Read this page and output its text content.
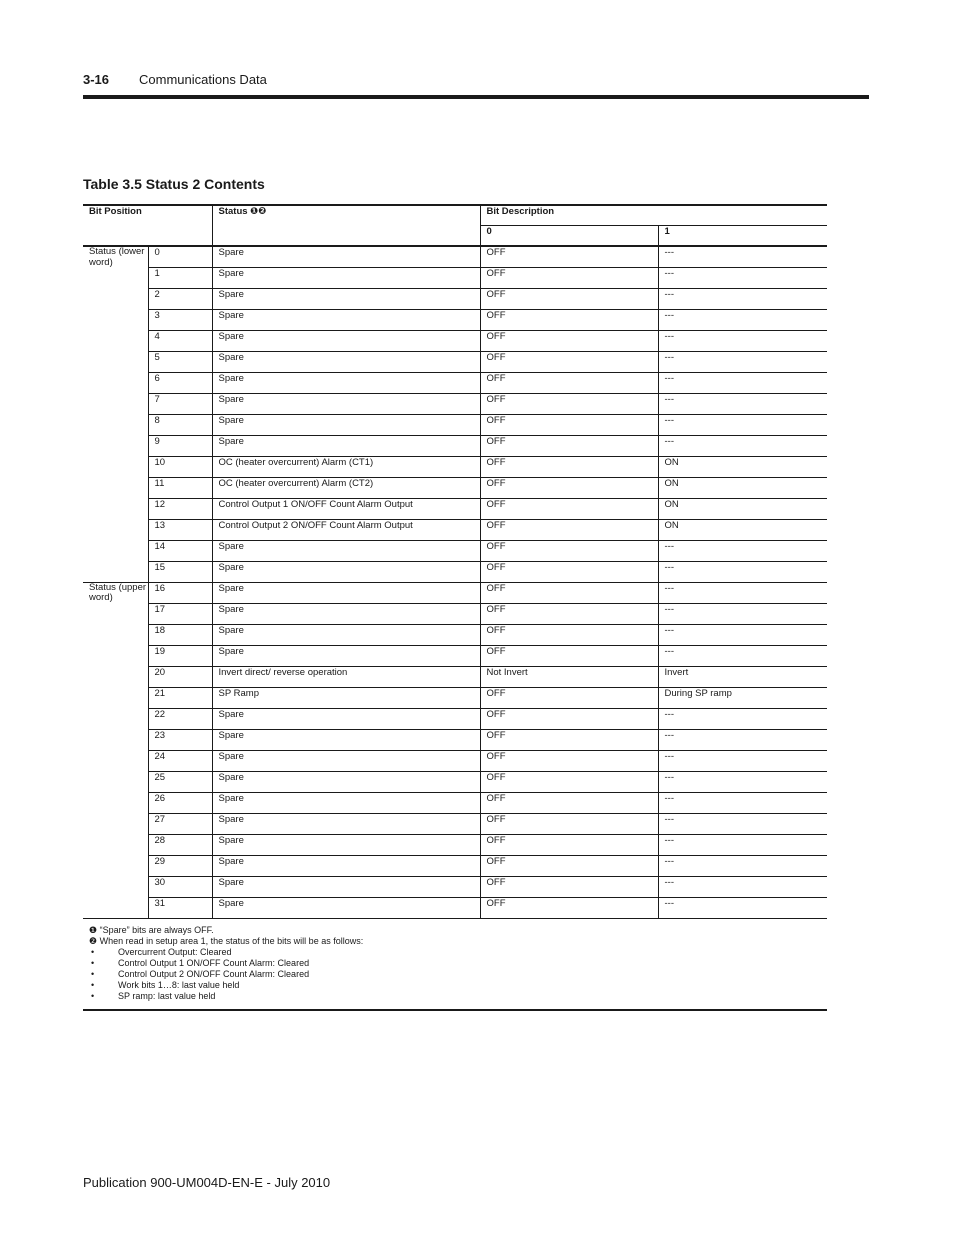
3-16 Communications Data
Table 3.5 Status 2 Contents
Bit Position		Status ❶❷	Bit Description	
			0	1
Status (lower word)	0	Spare	OFF	---
	1	Spare	OFF	---
	2	Spare	OFF	---
	3	Spare	OFF	---
	4	Spare	OFF	---
	5	Spare	OFF	---
	6	Spare	OFF	---
	7	Spare	OFF	---
	8	Spare	OFF	---
	9	Spare	OFF	---
	10	OC (heater overcurrent) Alarm (CT1)	OFF	ON
	11	OC (heater overcurrent) Alarm (CT2)	OFF	ON
	12	Control Output 1 ON/OFF Count Alarm Output	OFF	ON
	13	Control Output 2 ON/OFF Count Alarm Output	OFF	ON
	14	Spare	OFF	---
	15	Spare	OFF	---
Status (upper word)	16	Spare	OFF	---
	17	Spare	OFF	---
	18	Spare	OFF	---
	19	Spare	OFF	---
	20	Invert direct/ reverse operation	Not Invert	Invert
	21	SP Ramp	OFF	During SP ramp
	22	Spare	OFF	---
	23	Spare	OFF	---
	24	Spare	OFF	---
	25	Spare	OFF	---
	26	Spare	OFF	---
	27	Spare	OFF	---
	28	Spare	OFF	---
	29	Spare	OFF	---
	30	Spare	OFF	---
	31	Spare	OFF	---
❶ “Spare” bits are always OFF.
❷ When read in setup area 1, the status of the bits will be as follows:
•	Overcurrent Output: Cleared
•	Control Output 1 ON/OFF Count Alarm: Cleared
•	Control Output 2 ON/OFF Count Alarm: Cleared
•	Work bits 1…8: last value held
•	SP ramp: last value held
Publication 900-UM004D-EN-E - July 2010
